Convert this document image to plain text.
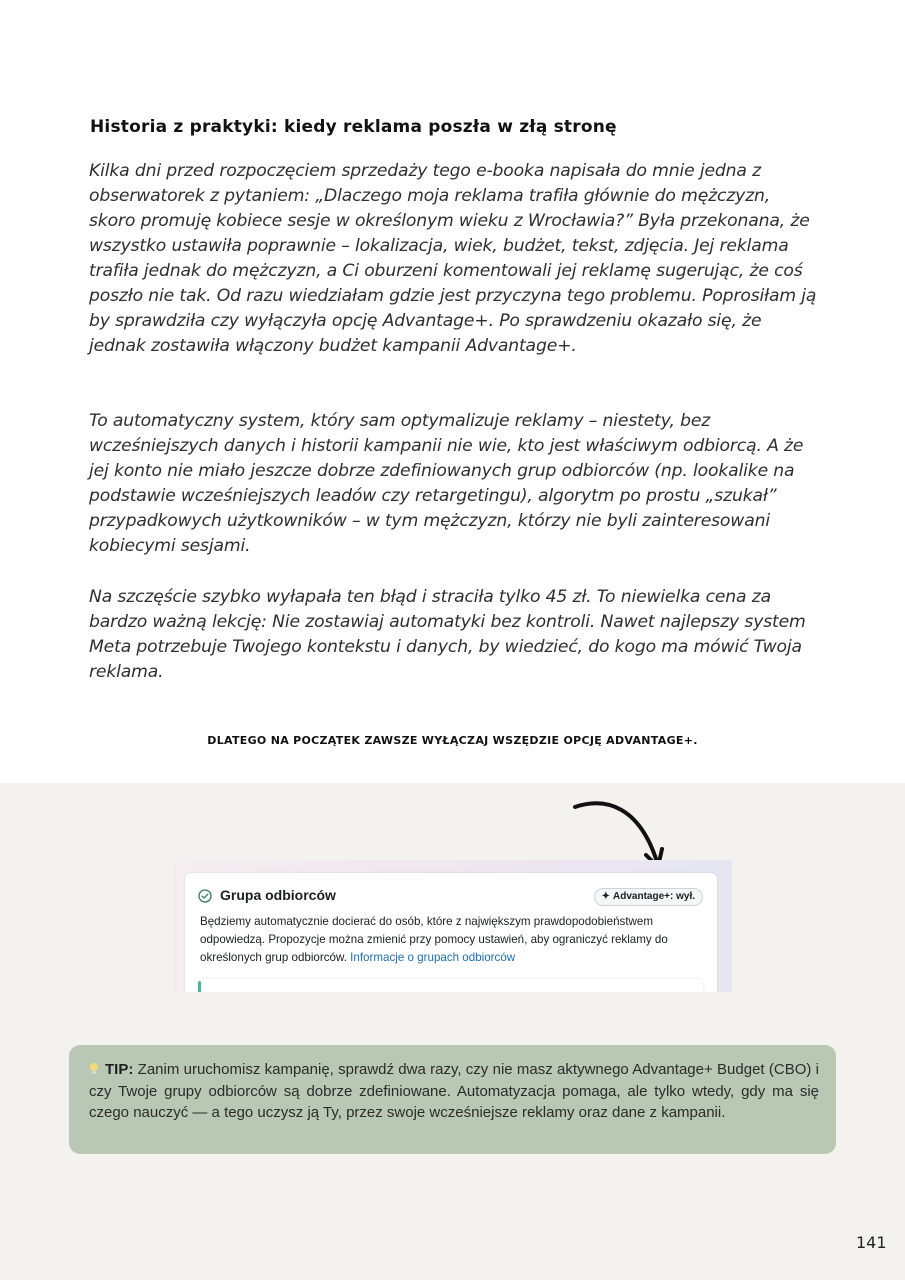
Historia z praktyki: kiedy reklama poszła w złą stronę

Kilka dni przed rozpoczęciem sprzedaży tego e-booka napisała do mnie jedna z obserwatorek z pytaniem: „Dlaczego moja reklama trafiła głównie do mężczyzn, skoro promuję kobiece sesje w określonym wieku z Wrocławia?” Była przekonana, że wszystko ustawiła poprawnie – lokalizacja, wiek, budżet, tekst, zdjęcia. Jej reklama trafiła jednak do mężczyzn, a Ci oburzeni komentowali jej reklamę sugerując, że coś poszło nie tak. Od razu wiedziałam gdzie jest przyczyna tego problemu. Poprosiłam ją by sprawdziła czy wyłączyła opcję Advantage+. Po sprawdzeniu okazało się, że jednak zostawiła włączony budżet kampanii Advantage+.

To automatyczny system, który sam optymalizuje reklamy – niestety, bez wcześniejszych danych i historii kampanii nie wie, kto jest właściwym odbiorcą. A że jej konto nie miało jeszcze dobrze zdefiniowanych grup odbiorców (np. lookalike na podstawie wcześniejszych leadów czy retargetingu), algorytm po prostu „szukał” przypadkowych użytkowników – w tym mężczyzn, którzy nie byli zainteresowani kobiecymi sesjami.

Na szczęście szybko wyłapała ten błąd i straciła tylko 45 zł. To niewielka cena za bardzo ważną lekcję: Nie zostawiaj automatyki bez kontroli. Nawet najlepszy system Meta potrzebuje Twojego kontekstu i danych, by wiedzieć, do kogo ma mówić Twoja reklama.

DLATEGO NA POCZĄTEK ZAWSZE WYŁĄCZAJ WSZĘDZIE OPCJĘ ADVANTAGE+.
Grupa odbiorców	✦ Advantage+: wył.

Będziemy automatycznie docierać do osób, które z największym prawdopodobieństwem odpowiedzą. Propozycje można zmienić przy pomocy ustawień, aby ograniczyć reklamy do określonych grup odbiorców. Informacje o grupach odbiorców

TIP: Zanim uruchomisz kampanię, sprawdź dwa razy, czy nie masz aktywnego Advantage+ Budget (CBO) i czy Twoje grupy odbiorców są dobrze zdefiniowane. Automatyzacja pomaga, ale tylko wtedy, gdy ma się czego nauczyć — a tego uczysz ją Ty, przez swoje wcześniejsze reklamy oraz dane z kampanii.

141
